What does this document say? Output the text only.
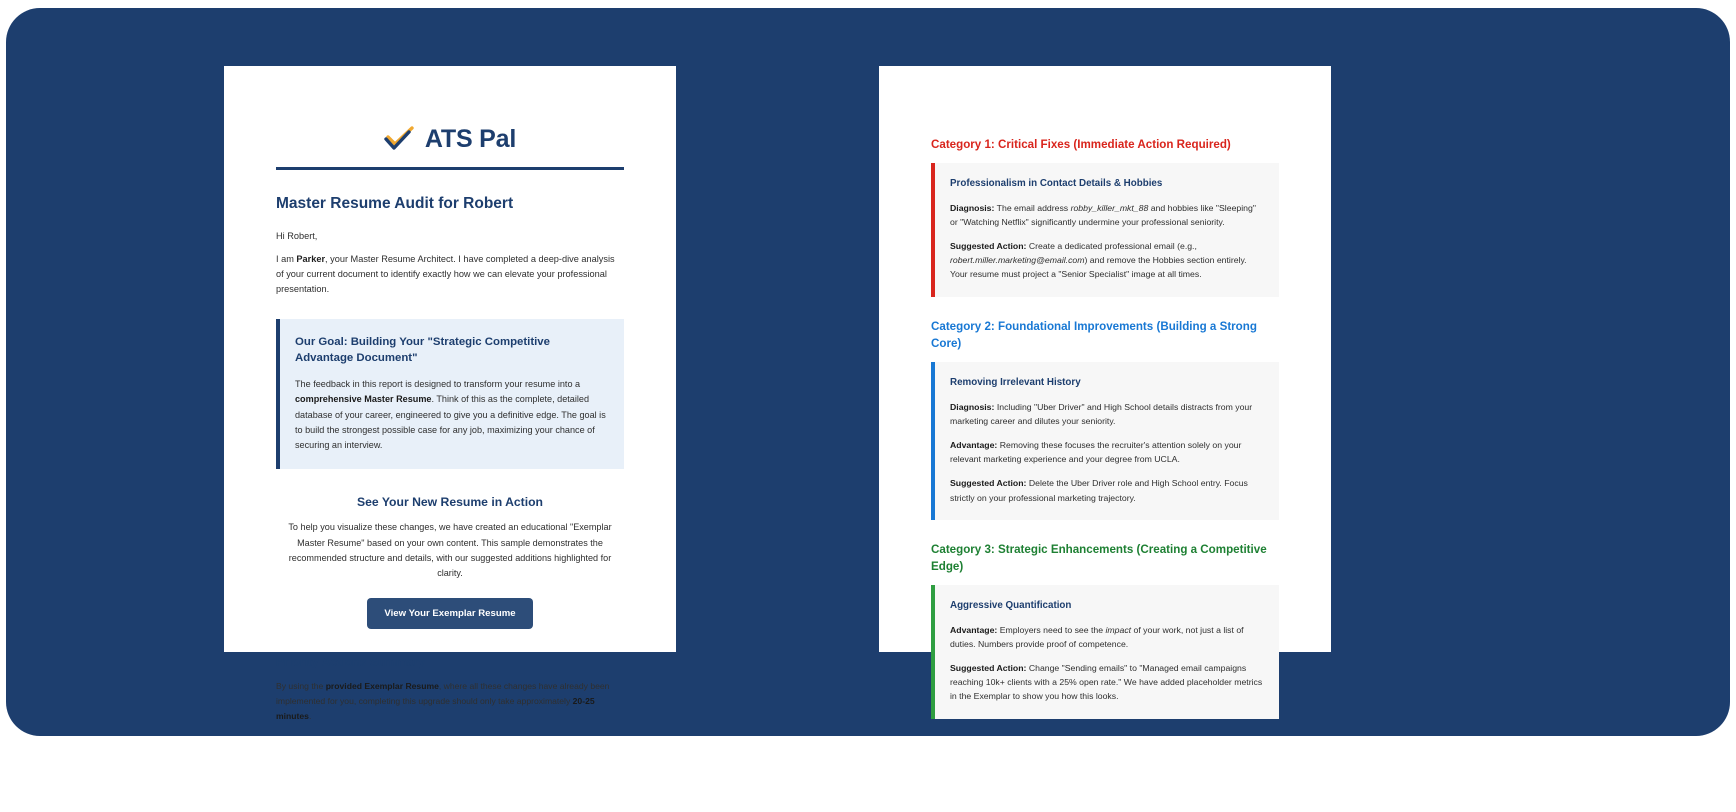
ATS Pal
Master Resume Audit for Robert
Hi Robert,
I am Parker, your Master Resume Architect. I have completed a deep-dive analysis of your current document to identify exactly how we can elevate your professional presentation.
Our Goal: Building Your "Strategic Competitive Advantage Document"
The feedback in this report is designed to transform your resume into a comprehensive Master Resume. Think of this as the complete, detailed database of your career, engineered to give you a definitive edge. The goal is to build the strongest possible case for any job, maximizing your chance of securing an interview.
See Your New Resume in Action
To help you visualize these changes, we have created an educational "Exemplar Master Resume" based on your own content. This sample demonstrates the recommended structure and details, with our suggested additions highlighted for clarity.
View Your Exemplar Resume
Priority Actions Summary
By using the provided Exemplar Resume, where all these changes have already been implemented for you, completing this upgrade should only take approximately 20-25 minutes.
Category 1: Critical Fixes (Immediate Action Required)
Professionalism in Contact Details & Hobbies
Diagnosis: The email address robby_killer_mkt_88 and hobbies like "Sleeping" or "Watching Netflix" significantly undermine your professional seniority.
Suggested Action: Create a dedicated professional email (e.g., robert.miller.marketing@email.com) and remove the Hobbies section entirely. Your resume must project a "Senior Specialist" image at all times.
Category 2: Foundational Improvements (Building a Strong Core)
Removing Irrelevant History
Diagnosis: Including "Uber Driver" and High School details distracts from your marketing career and dilutes your seniority.
Advantage: Removing these focuses the recruiter's attention solely on your relevant marketing experience and your degree from UCLA.
Suggested Action: Delete the Uber Driver role and High School entry. Focus strictly on your professional marketing trajectory.
Category 3: Strategic Enhancements (Creating a Competitive Edge)
Aggressive Quantification
Advantage: Employers need to see the impact of your work, not just a list of duties. Numbers provide proof of competence.
Suggested Action: Change "Sending emails" to "Managed email campaigns reaching 10k+ clients with a 25% open rate." We have added placeholder metrics in the Exemplar to show you how this looks.
